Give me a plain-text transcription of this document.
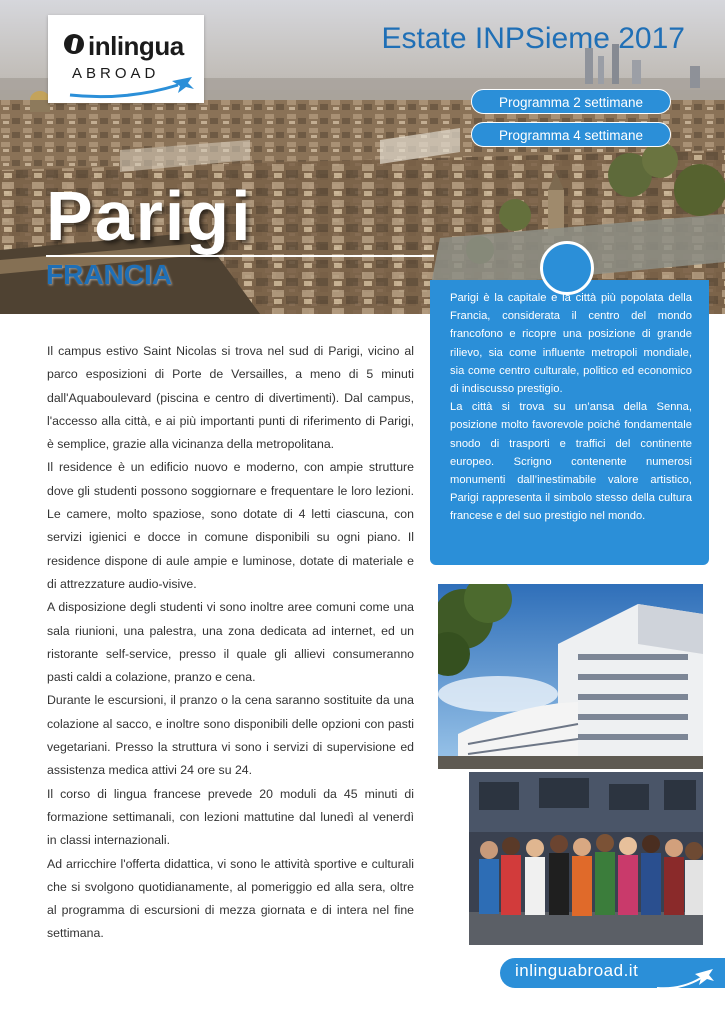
inlingua
ABROAD
Estate INPSieme 2017
Programma 2 settimane
Programma 4 settimane
Parigi
FRANCIA

Parigi è la capitale e la città più popolata della Francia, considerata il centro del mondo francofono e ricopre una posizione di grande rilievo, sia come influente metropoli mondiale, sia come centro culturale, politico ed economico di indiscusso prestigio.

La città si trova su un’ansa della Senna, posizione molto favorevole poiché fondamentale snodo di trasporti e traffici del continente europeo. Scrigno contenente numerosi monumenti dall’inestimabile valore artistico, Parigi rappresenta il simbolo stesso della cultura francese e del suo prestigio nel mondo.

Il campus estivo Saint Nicolas si trova nel sud di Parigi, vicino al parco esposizioni di Porte de Versailles, a meno di 5 minuti dall'Aquaboulevard (piscina e centro di divertimenti). Dal campus, l'accesso alla città, e ai più importanti punti di riferimento di Parigi, è semplice, grazie alla vicinanza della metropolitana.

Il residence è un edificio nuovo e moderno, con ampie strutture dove gli studenti possono soggiornare e frequentare le loro lezioni. Le camere, molto spaziose, sono dotate di 4 letti ciascuna, con servizi igienici e docce in comune disponibili su ogni piano. Il residence dispone di aule ampie e luminose, dotate di materiale e di attrezzature audio-visive.

A disposizione degli studenti vi sono inoltre aree comuni come una sala riunioni, una palestra, una zona dedicata ad internet, ed un ristorante self-service, presso il quale gli allievi consumeranno pasti caldi a colazione, pranzo e cena.

Durante le escursioni, il pranzo o la cena saranno sostituite da una colazione al sacco, e inoltre sono disponibili delle opzioni con pasti vegetariani. Presso la struttura vi sono i servizi di supervisione ed assistenza medica attivi 24 ore su 24.

Il corso di lingua francese prevede 20 moduli da 45 minuti di formazione settimanali, con lezioni mattutine dal lunedì al venerdì in classi internazionali.

Ad arricchire l'offerta didattica, vi sono le attività sportive e culturali che si svolgono quotidianamente, al pomeriggio ed alla sera, oltre al programma di escursioni di mezza giornata e di intera nel fine settimana.

inlinguabroad.it
